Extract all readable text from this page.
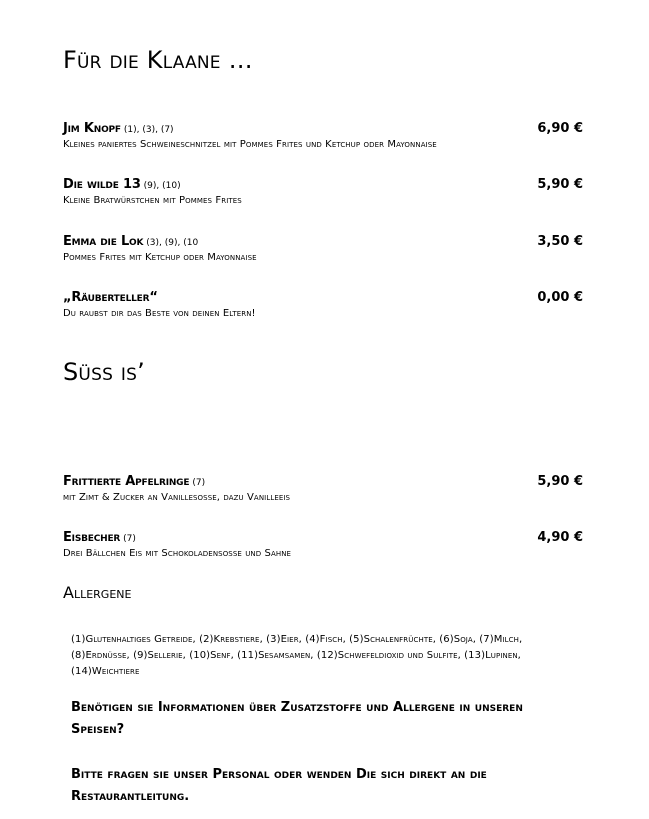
Für die Klaane …
Jim Knopf (1), (3), (7)	6,90 €
Kleines paniertes Schweineschnitzel mit Pommes Frites und Ketchup oder Mayonnaise
Die wilde 13 (9), (10)	5,90 €
Kleine Bratwürstchen mit Pommes Frites
Emma die Lok (3), (9), (10	3,50 €
Pommes Frites mit Ketchup oder Mayonnaise
„Räuberteller“	0,00 €
Du raubst dir das Beste von deinen Eltern!
Süss is’
Frittierte Apfelringe (7)	5,90 €
mit Zimt & Zucker an Vanillesosse, dazu Vanilleeis
Eisbecher (7)	4,90 €
Drei Bällchen Eis mit Schokoladensosse und Sahne
Allergene

(1)Glutenhaltiges Getreide, (2)Krebstiere, (3)Eier, (4)Fisch, (5)Schalenfrüchte, (6)Soja, (7)Milch, (8)Erdnüsse, (9)Sellerie, (10)Senf, (11)Sesamsamen, (12)Schwefeldioxid und Sulfite, (13)Lupinen, (14)Weichtiere

Benötigen sie Informationen über Zusatzstoffe und Allergene in unseren Speisen?

Bitte fragen sie unser Personal oder wenden Die sich direkt an die Restaurantleitung.
